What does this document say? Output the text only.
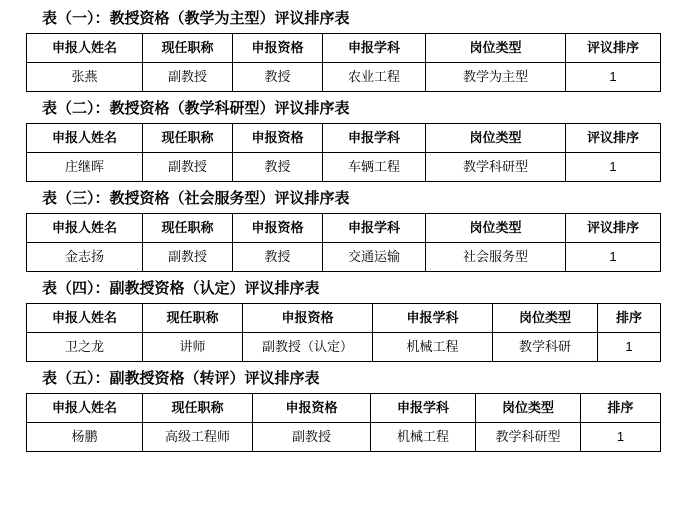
表（一）：教授资格（教学为主型）评议排序表
申报人姓名	现任职称	申报资格	申报学科	岗位类型	评议排序
张燕	副教授	教授	农业工程	教学为主型	1
表（二）：教授资格（教学科研型）评议排序表
申报人姓名	现任职称	申报资格	申报学科	岗位类型	评议排序
庄继晖	副教授	教授	车辆工程	教学科研型	1
表（三）：教授资格（社会服务型）评议排序表
申报人姓名	现任职称	申报资格	申报学科	岗位类型	评议排序
金志扬	副教授	教授	交通运输	社会服务型	1
表（四）：副教授资格（认定）评议排序表
申报人姓名	现任职称	申报资格	申报学科	岗位类型	排序
卫之龙	讲师	副教授（认定）	机械工程	教学科研	1
表（五）：副教授资格（转评）评议排序表
申报人姓名	现任职称	申报资格	申报学科	岗位类型	排序
杨鹏	高级工程师	副教授	机械工程	教学科研型	1
